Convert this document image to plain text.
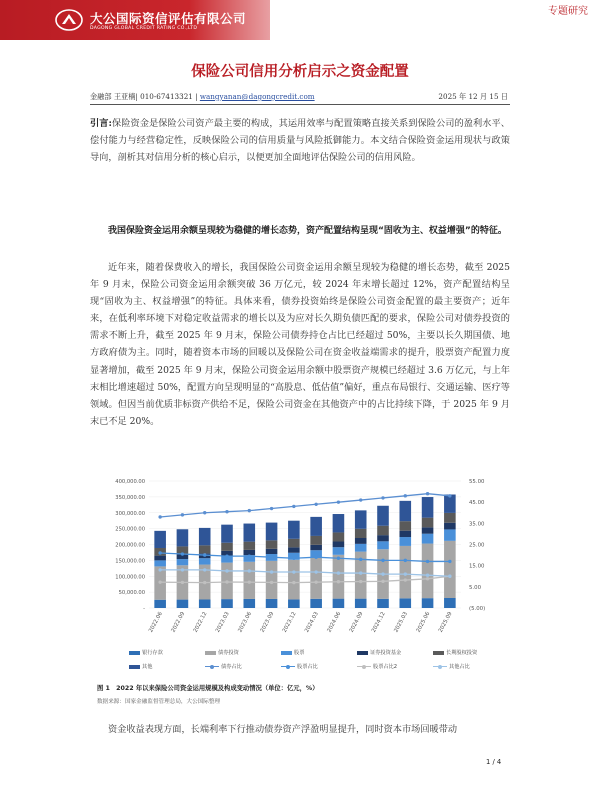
大公国际资信评估有限公司
DAGONG GLOBAL CREDIT RATING CO.,LTD
专题研究
保险公司信用分析启示之资金配置
金融部 王亚楠| 010-67413321 | wangyanan@dagongcredit.com	2025 年 12 月 15 日
引言:保险资金是保险公司资产最主要的构成，其运用效率与配置策略直接关系到保险公司的盈利水平、偿付能力与经营稳定性，反映保险公司的信用质量与风险抵御能力。本文结合保险资金运用现状与政策导向，剖析其对信用分析的核心启示，以便更加全面地评估保险公司的信用风险。
我国保险资金运用余额呈现较为稳健的增长态势，资产配置结构呈现“固收为主、权益增强”的特征。
近年来，随着保费收入的增长，我国保险公司资金运用余额呈现较为稳健的增长态势，截至 2025 年 9 月末，保险公司资金运用余额突破 36 万亿元，较 2024 年末增长超过 12%，资产配置结构呈现“固收为主、权益增强”的特征。具体来看，债券投资始终是保险公司资金配置的最主要资产；近年来，在低利率环境下对稳定收益需求的增长以及为应对长久期负债匹配的要求，保险公司对债券投资的需求不断上升，截至 2025 年 9 月末，保险公司债券持仓占比已经超过 50%，主要以长久期国债、地方政府债为主。同时，随着资本市场的回暖以及保险公司在资金收益端需求的提升，股票资产配置力度显著增加，截至 2025 年 9 月末，保险公司资金运用余额中股票资产规模已经超过 3.6 万亿元，与上年末相比增速超过 50%，配置方向呈现明显的“高股息、低估值”偏好，重点布局银行、交通运输、医疗等领域。但因当前优质非标资产供给不足，保险公司资金在其他资产中的占比持续下降，于 2025 年 9 月末已不足 20%。
400,000.00
350,000.00
300,000.00
250,000.00
200,000.00
150,000.00
100,000.00
50,000.00
-
55.00
45.00
35.00
25.00
15.00
5.00
(5.00)
2022.06 2022.09 2022.12 2023.03 2023.06 2023.09 2023.12 2024.03 2024.06 2024.09 2024.12 2025.03 2025.06 2025.09
银行存款	债券投资	股票	证券投资基金	长期股权投资
其他	债券占比	股票占比	股票占比2	其他占比
图 1　2022 年以来保险公司资金运用规模及构成变动情况（单位：亿元，%）
数据来源：国家金融监督管理总局，大公国际整理
资金收益表现方面，长端利率下行推动债券资产浮盈明显提升，同时资本市场回暖带动
1 / 4
